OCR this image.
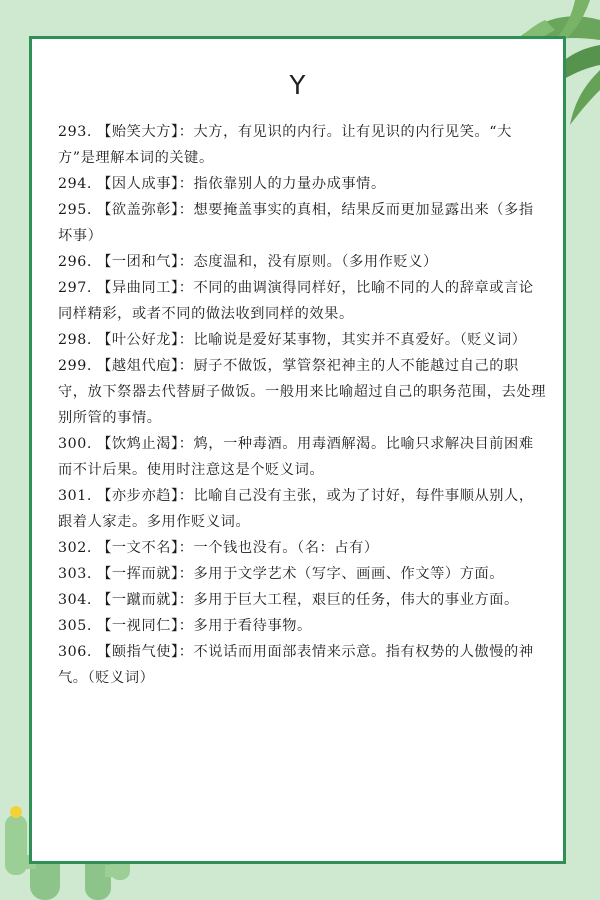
Y

293. 【贻笑大方】：大方，有见识的内行。让有见识的内行见笑。“大方”是理解本词的关键。

294. 【因人成事】：指依靠别人的力量办成事情。

295. 【欲盖弥彰】：想要掩盖事实的真相，结果反而更加显露出来（多指坏事）

296. 【一团和气】：态度温和，没有原则。（多用作贬义）

297. 【异曲同工】：不同的曲调演得同样好，比喻不同的人的辞章或言论同样精彩，或者不同的做法收到同样的效果。

298. 【叶公好龙】：比喻说是爱好某事物，其实并不真爱好。（贬义词）

299. 【越俎代庖】：厨子不做饭，掌管祭祀神主的人不能越过自己的职守，放下祭器去代替厨子做饭。一般用来比喻超过自己的职务范围，去处理别所管的事情。

300. 【饮鸩止渴】：鸩，一种毒酒。用毒酒解渴。比喻只求解决目前困难而不计后果。使用时注意这是个贬义词。

301. 【亦步亦趋】：比喻自己没有主张，或为了讨好，每件事顺从别人，跟着人家走。多用作贬义词。

302. 【一文不名】：一个钱也没有。（名：占有）

303. 【一挥而就】：多用于文学艺术（写字、画画、作文等）方面。

304. 【一蹴而就】：多用于巨大工程，艰巨的任务，伟大的事业方面。

305. 【一视同仁】：多用于看待事物。

306. 【颐指气使】：不说话而用面部表情来示意。指有权势的人傲慢的神气。（贬义词）
